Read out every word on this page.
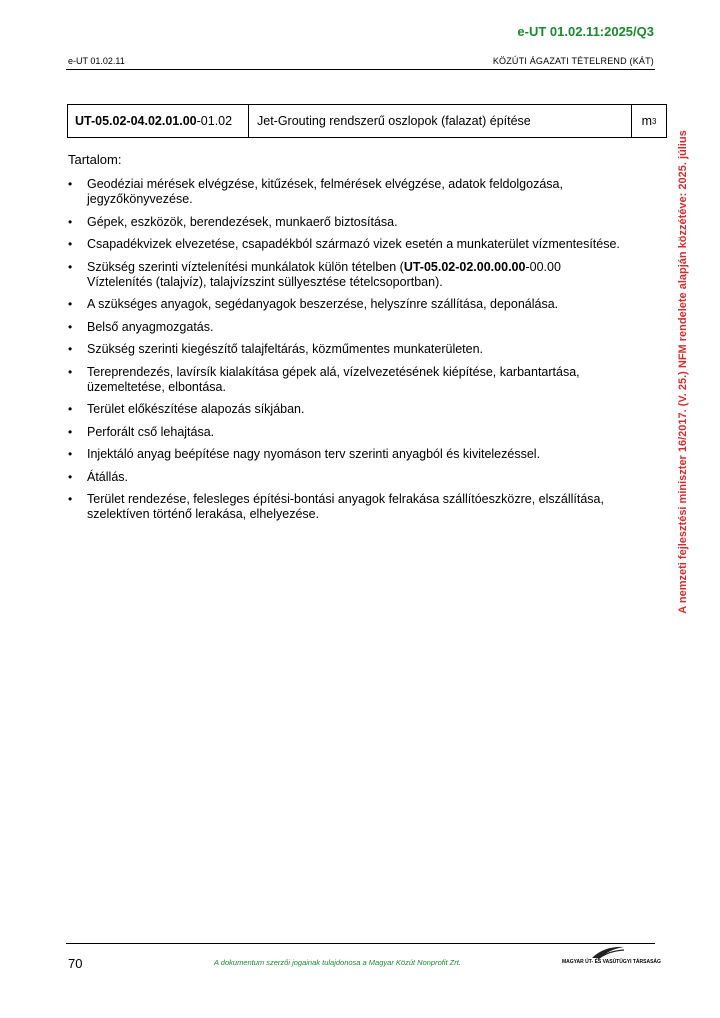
e-UT 01.02.11:2025/Q3
e-UT 01.02.11	KÖZÚTI ÁGAZATI TÉTELREND (KÁT)
UT-05.02-04.02.01.00 -01.02	Jet-Grouting rendszerű oszlopok (falazat) építése	m 3
Tartalom:
• Geodéziai mérések elvégzése, kitűzések, felmérések elvégzése, adatok feldolgozása, jegyzőkönyvezése.
• Gépek, eszközök, berendezések, munkaerő biztosítása.
• Csapadékvizek elvezetése, csapadékból származó vizek esetén a munkaterület vízmentesítése.
• Szükség szerinti víztelenítési munkálatok külön tételben (UT-05.02-02.00.00.00-00.00 Víztelenítés (talajvíz), talajvízszint süllyesztése tételcsoportban).
• A szükséges anyagok, segédanyagok beszerzése, helyszínre szállítása, deponálása.
• Belső anyagmozgatás.
• Szükség szerinti kiegészítő talajfeltárás, közműmentes munkaterületen.
• Tereprendezés, lavírsík kialakítása gépek alá, vízelvezetésének kiépítése, karbantartása, üzemeltetése, elbontása.
• Terület előkészítése alapozás síkjában.
• Perforált cső lehajtása.
• Injektáló anyag beépítése nagy nyomáson terv szerinti anyagból és kivitelezéssel.
• Átállás.
• Terület rendezése, felesleges építési-bontási anyagok felrakása szállítóeszközre, elszállítása, szelektíven történő lerakása, elhelyezése.	A nemzeti fejlesztési miniszter 16/2017. (V. 25.) NFM rendelete alapján közzétéve: 2025. július
70	A dokumentum szerzői jogainak tulajdonosa a Magyar Közút Nonprofit Zrt.	MAGYAR ÚT- ÉS VASÚTÜGYI TÁRSASÁG
